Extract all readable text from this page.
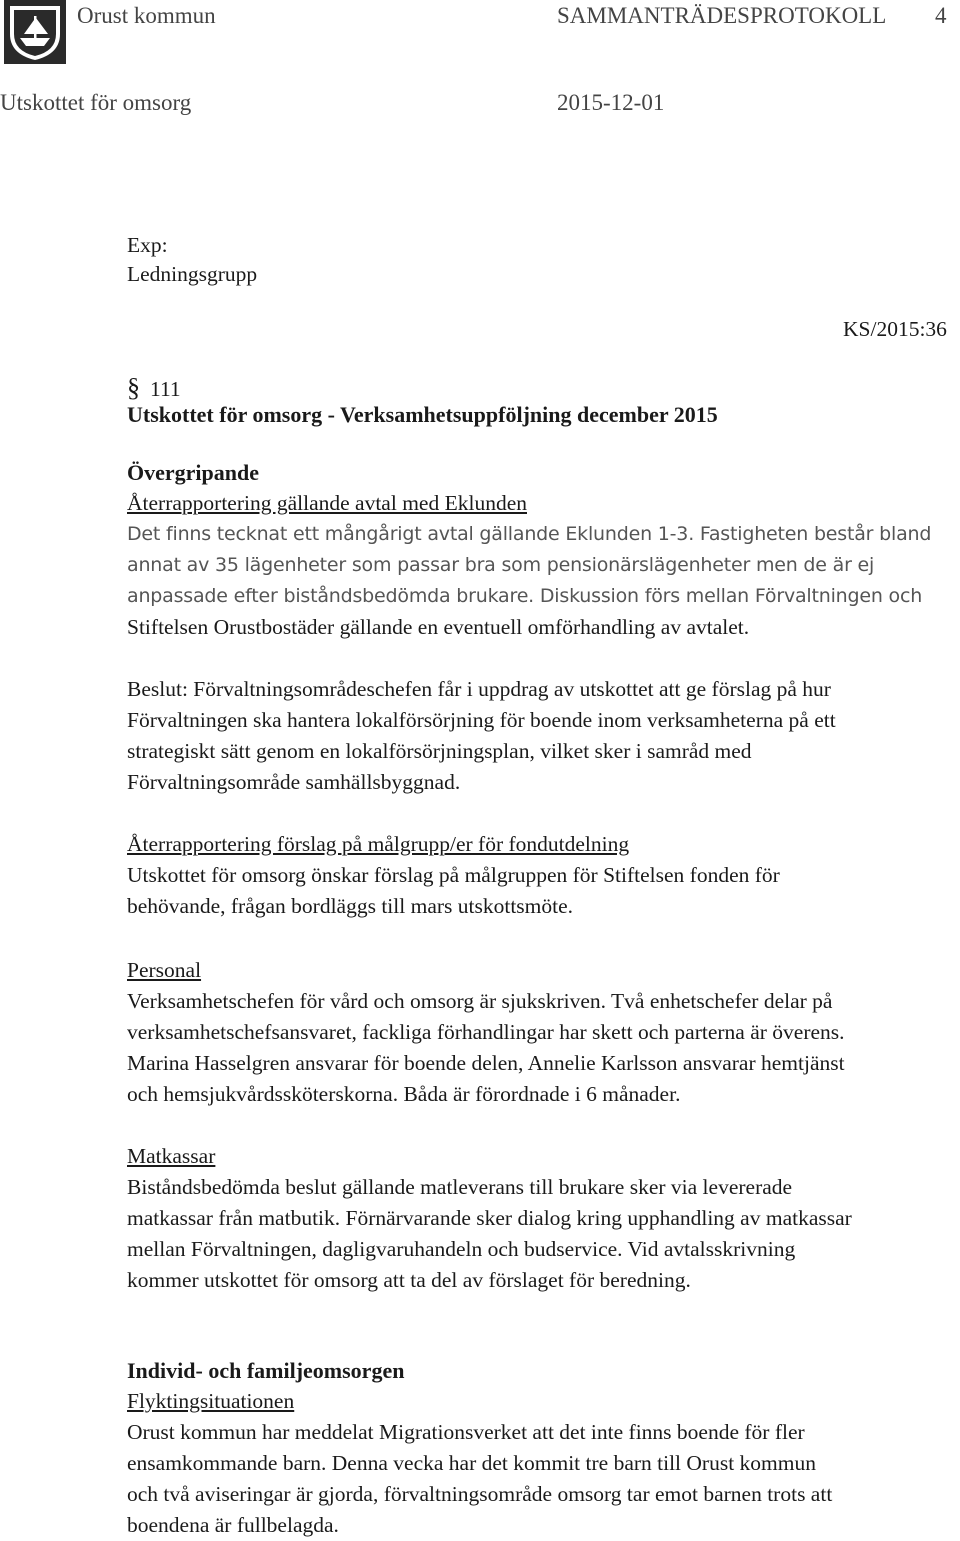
Orust kommun	SAMMANTRÄDESPROTOKOLL 4
Utskottet för omsorg	2015-12-01
Exp:
Ledningsgrupp
KS/2015:36
§ 111
Utskottet för omsorg - Verksamhetsuppföljning december 2015

Övergripande

Återrapportering gällande avtal med Eklunden

Det finns tecknat ett mångårigt avtal gällande Eklunden 1-3. Fastigheten består bland

annat av 35 lägenheter som passar bra som pensionärslägenheter men de är ej

anpassade efter biståndsbedömda brukare. Diskussion förs mellan Förvaltningen och

Stiftelsen Orustbostäder gällande en eventuell omförhandling av avtalet.

Beslut: Förvaltningsområdeschefen får i uppdrag av utskottet att ge förslag på hur

Förvaltningen ska hantera lokalförsörjning för boende inom verksamheterna på ett

strategiskt sätt genom en lokalförsörjningsplan, vilket sker i samråd med

Förvaltningsområde samhällsbyggnad.

Återrapportering förslag på målgrupp/er för fondutdelning

Utskottet för omsorg önskar förslag på målgruppen för Stiftelsen fonden för

behövande, frågan bordläggs till mars utskottsmöte.

Personal

Verksamhetschefen för vård och omsorg är sjukskriven. Två enhetschefer delar på

verksamhetschefsansvaret, fackliga förhandlingar har skett och parterna är överens.

Marina Hasselgren ansvarar för boende delen, Annelie Karlsson ansvarar hemtjänst

och hemsjukvårdssköterskorna. Båda är förordnade i 6 månader.

Matkassar

Biståndsbedömda beslut gällande matleverans till brukare sker via levererade

matkassar från matbutik. Förnärvarande sker dialog kring upphandling av matkassar

mellan Förvaltningen, dagligvaruhandeln och budservice. Vid avtalsskrivning

kommer utskottet för omsorg att ta del av förslaget för beredning.

Individ- och familjeomsorgen

Flyktingsituationen

Orust kommun har meddelat Migrationsverket att det inte finns boende för fler

ensamkommande barn. Denna vecka har det kommit tre barn till Orust kommun

och två aviseringar är gjorda, förvaltningsområde omsorg tar emot barnen trots att

boendena är fullbelagda.
